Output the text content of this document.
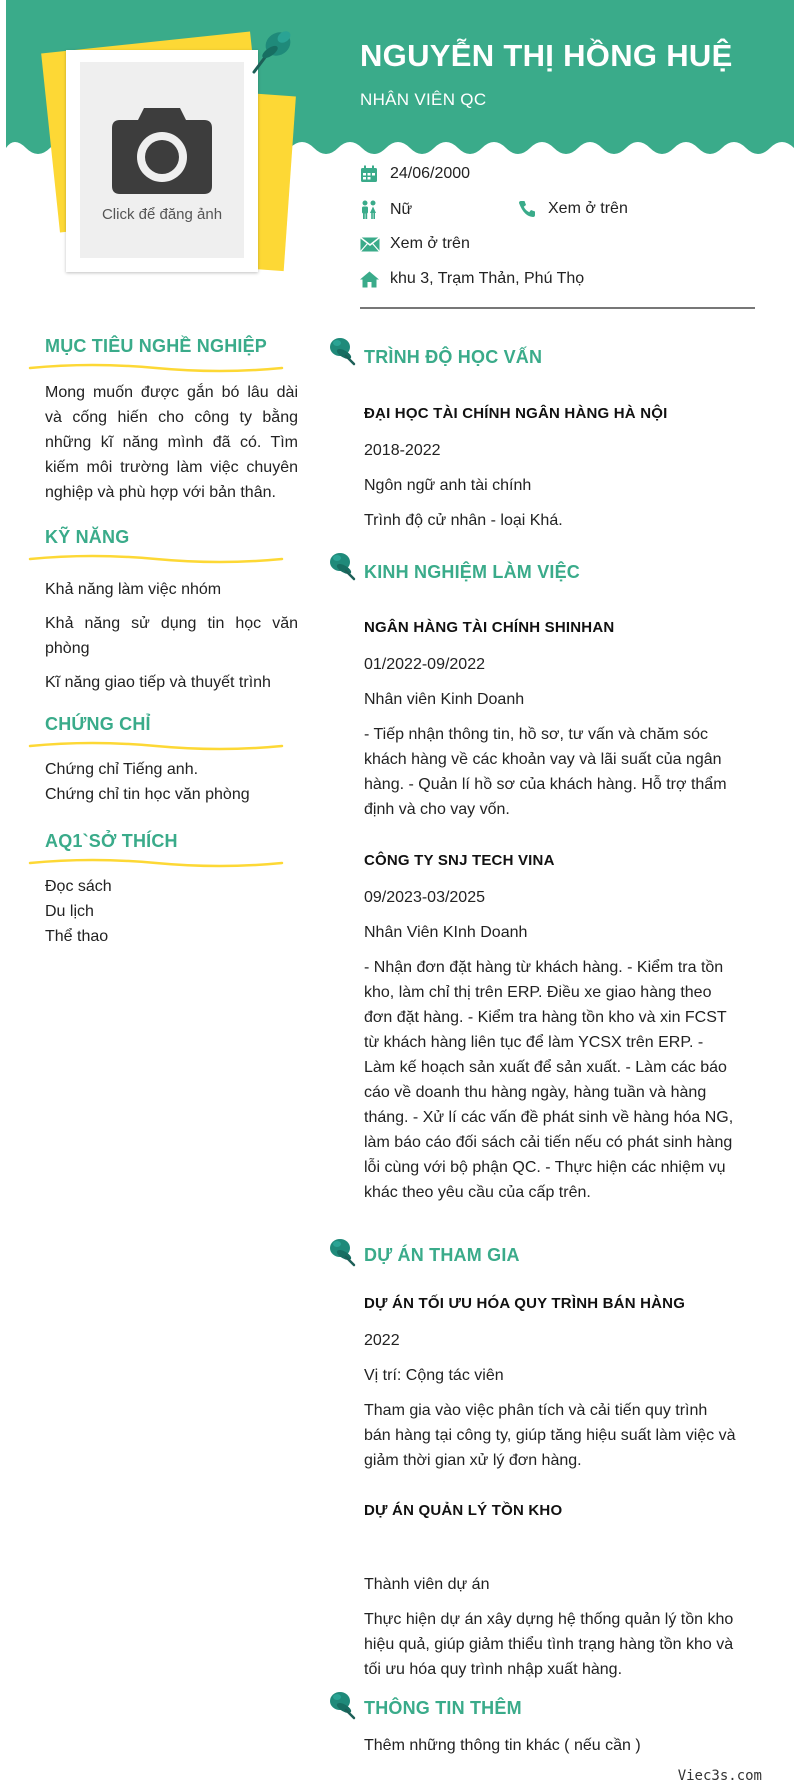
NGUYỄN THỊ HỒNG HUỆ
NHÂN VIÊN QC
Click để đăng ảnh
24/06/2000
Nữ	Xem ở trên
Xem ở trên
khu 3, Trạm Thản, Phú Thọ
MỤC TIÊU NGHỀ NGHIỆP
Mong muốn được gắn bó lâu dài và cống hiến cho công ty bằng những kĩ năng mình đã có. Tìm kiếm môi trường làm việc chuyên nghiệp và phù hợp với bản thân.
KỸ NĂNG
Khả năng làm việc nhóm
Khả năng sử dụng tin học văn phòng
Kĩ năng giao tiếp và thuyết trình
CHỨNG CHỈ
Chứng chỉ Tiếng anh.
Chứng chỉ tin học văn phòng
AQ1`SỞ THÍCH
Đọc sách
Du lịch
Thể thao
TRÌNH ĐỘ HỌC VẤN
ĐẠI HỌC TÀI CHÍNH NGÂN HÀNG HÀ NỘI
2018-2022
Ngôn ngữ anh tài chính
Trình độ cử nhân - loại Khá.
KINH NGHIỆM LÀM VIỆC
NGÂN HÀNG TÀI CHÍNH SHINHAN
01/2022-09/2022
Nhân viên Kinh Doanh
- Tiếp nhận thông tin, hồ sơ, tư vấn và chăm sóc khách hàng về các khoản vay và lãi suất của ngân hàng. - Quản lí hồ sơ của khách hàng. Hỗ trợ thẩm định và cho vay vốn.
CÔNG TY SNJ TECH VINA
09/2023-03/2025
Nhân Viên KInh Doanh
- Nhận đơn đặt hàng từ khách hàng. - Kiểm tra tồn kho, làm chỉ thị trên ERP. Điều xe giao hàng theo đơn đặt hàng. - Kiểm tra hàng tồn kho và xin FCST từ khách hàng liên tục để làm YCSX trên ERP. - Làm kế hoạch sản xuất để sản xuất. - Làm các báo cáo về doanh thu hàng ngày, hàng tuần và hàng tháng. - Xử lí các vấn đề phát sinh về hàng hóa NG, làm báo cáo đối sách cải tiến nếu có phát sinh hàng lỗi cùng với bộ phận QC. - Thực hiện các nhiệm vụ khác theo yêu cầu của cấp trên.
DỰ ÁN THAM GIA
DỰ ÁN TỐI ƯU HÓA QUY TRÌNH BÁN HÀNG
2022
Vị trí: Cộng tác viên
Tham gia vào việc phân tích và cải tiến quy trình bán hàng tại công ty, giúp tăng hiệu suất làm việc và giảm thời gian xử lý đơn hàng.
DỰ ÁN QUẢN LÝ TỒN KHO
Thành viên dự án
Thực hiện dự án xây dựng hệ thống quản lý tồn kho hiệu quả, giúp giảm thiểu tình trạng hàng tồn kho và tối ưu hóa quy trình nhập xuất hàng.
THÔNG TIN THÊM
Thêm những thông tin khác ( nếu cần )
Viec3s.com
